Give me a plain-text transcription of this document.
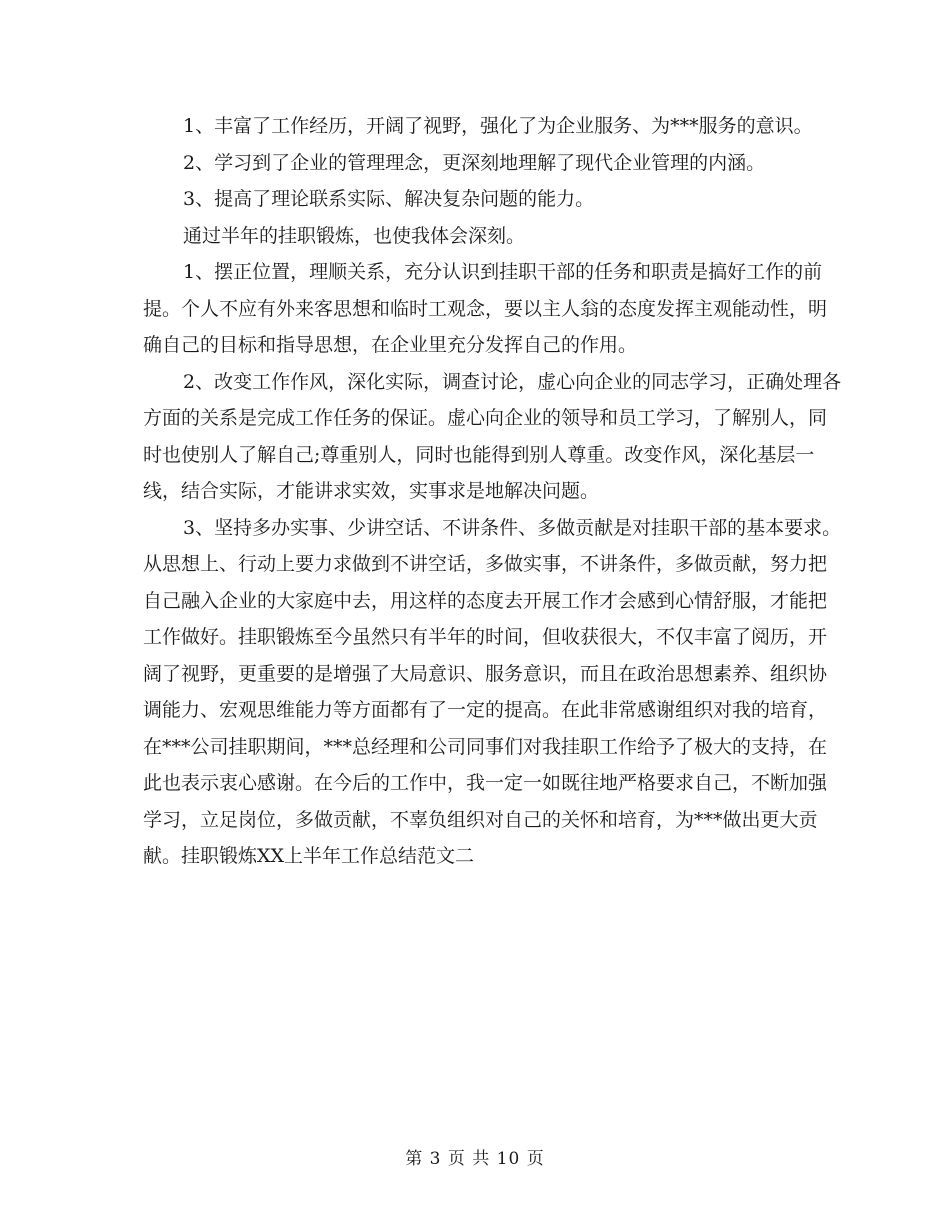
1、丰富了工作经历，开阔了视野，强化了为企业服务、为***服务的意识。

2、学习到了企业的管理理念，更深刻地理解了现代企业管理的内涵。

3、提高了理论联系实际、解决复杂问题的能力。

通过半年的挂职锻炼，也使我体会深刻。

1、摆正位置，理顺关系，充分认识到挂职干部的任务和职责是搞好工作的前提。个人不应有外来客思想和临时工观念，要以主人翁的态度发挥主观能动性，明确自己的目标和指导思想，在企业里充分发挥自己的作用。

2、改变工作作风，深化实际，调查讨论，虚心向企业的同志学习，正确处理各方面的关系是完成工作任务的保证。虚心向企业的领导和员工学习，了解别人，同时也使别人了解自己;尊重别人，同时也能得到别人尊重。改变作风，深化基层一线，结合实际，才能讲求实效，实事求是地解决问题。

3、坚持多办实事、少讲空话、不讲条件、多做贡献是对挂职干部的基本要求。从思想上、行动上要力求做到不讲空话，多做实事，不讲条件，多做贡献，努力把自己融入企业的大家庭中去，用这样的态度去开展工作才会感到心情舒服，才能把工作做好。挂职锻炼至今虽然只有半年的时间，但收获很大，不仅丰富了阅历，开阔了视野，更重要的是增强了大局意识、服务意识，而且在政治思想素养、组织协调能力、宏观思维能力等方面都有了一定的提高。在此非常感谢组织对我的培育，在***公司挂职期间，***总经理和公司同事们对我挂职工作给予了极大的支持，在此也表示衷心感谢。在今后的工作中，我一定一如既往地严格要求自己，不断加强学习，立足岗位，多做贡献，不辜负组织对自己的关怀和培育，为***做出更大贡献。挂职锻炼XX上半年工作总结范文二

第 3 页 共 10 页
